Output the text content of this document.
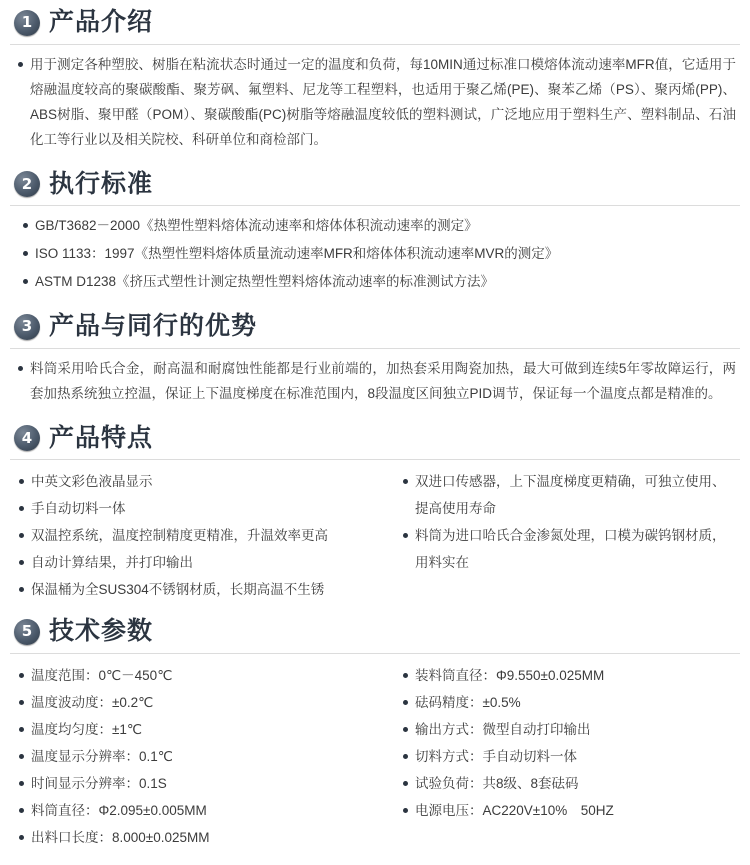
1 产品介绍
用于测定各种塑胶、树脂在粘流状态时通过一定的温度和负荷，每10MIN通过标准口模熔体流动速率MFR值，它适用于熔融温度较高的聚碳酸酯、聚芳砜、氟塑料、尼龙等工程塑料，也适用于聚乙烯(PE)、聚苯乙烯（PS）、聚丙烯(PP)、ABS树脂、聚甲醛（POM）、聚碳酸酯(PC)树脂等熔融温度较低的塑料测试，广泛地应用于塑料生产、塑料制品、石油化工等行业以及相关院校、科研单位和商检部门。
2 执行标准
GB/T3682－2000《热塑性塑料熔体流动速率和熔体体积流动速率的测定》
ISO 1133：1997《热塑性塑料熔体质量流动速率MFR和熔体体积流动速率MVR的测定》
ASTM D1238《挤压式塑性计测定热塑性塑料熔体流动速率的标准测试方法》
3 产品与同行的优势
料筒采用哈氏合金，耐高温和耐腐蚀性能都是行业前端的，加热套采用陶瓷加热，最大可做到连续5年零故障运行，两套加热系统独立控温，保证上下温度梯度在标准范围内，8段温度区间独立PID调节，保证每一个温度点都是精准的。
4 产品特点
中英文彩色液晶显示
手自动切料一体
双温控系统，温度控制精度更精准，升温效率更高
自动计算结果，并打印输出
保温桶为全SUS304不锈钢材质，长期高温不生锈
双进口传感器，上下温度梯度更精确，可独立使用、提高使用寿命
料筒为进口哈氏合金渗氮处理，口模为碳钨钢材质，用料实在
5 技术参数
温度范围：0℃－450℃
温度波动度：±0.2℃
温度均匀度：±1℃
温度显示分辨率：0.1℃
时间显示分辨率：0.1S
料筒直径：Φ2.095±0.005MM
出料口长度：8.000±0.025MM
装料筒直径：Φ9.550±0.025MM
砝码精度：±0.5%
输出方式：微型自动打印输出
切料方式：手自动切料一体
试验负荷：共8级、8套砝码
电源电压：AC220V±10%　50HZ
